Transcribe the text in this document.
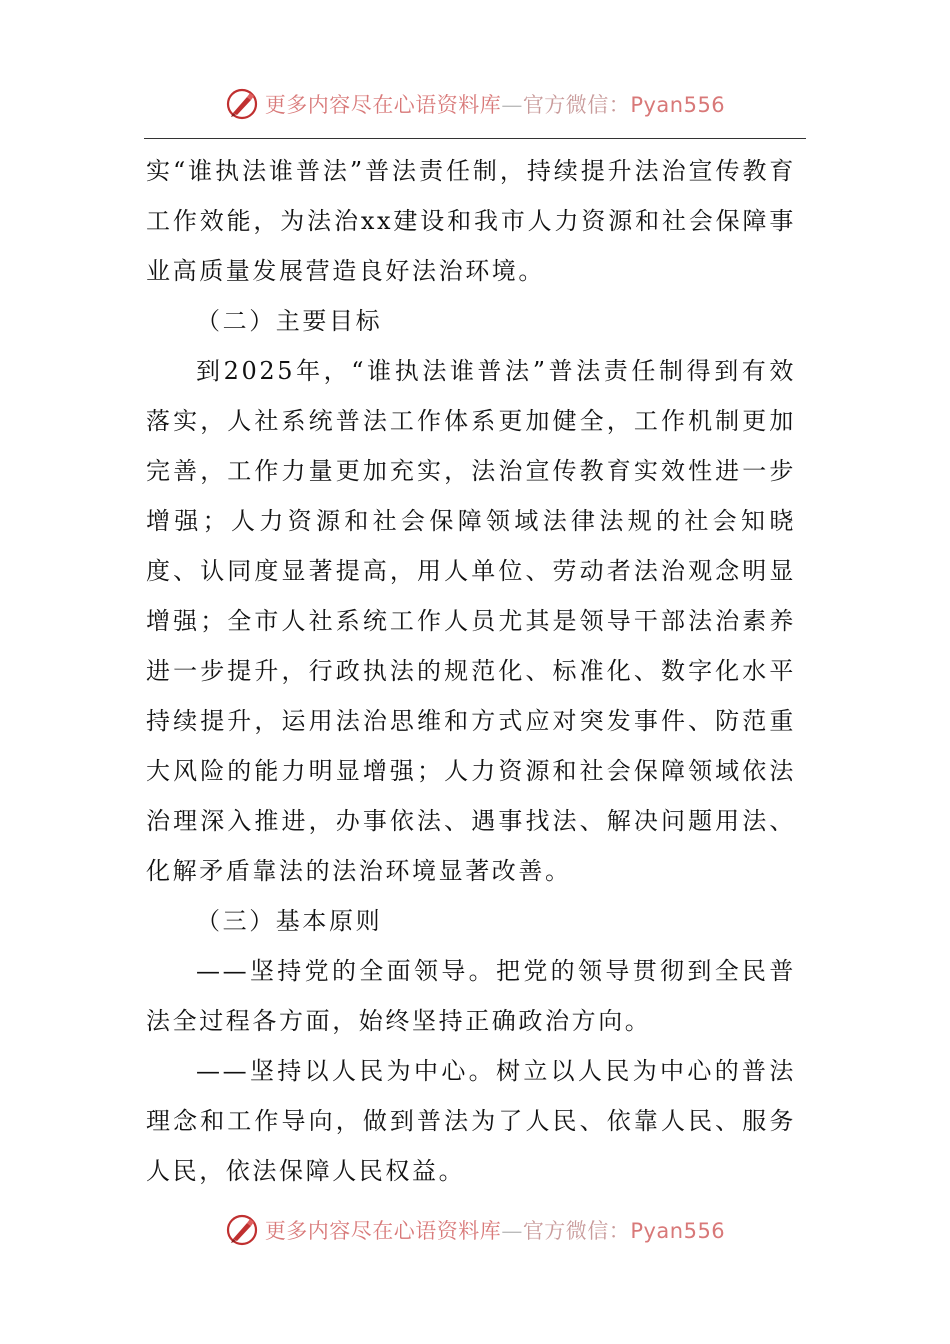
更多内容尽在心语资料库—官方微信：Pyan556

实“谁执法谁普法”普法责任制，持续提升法治宣传教育工作效能，为法治xx建设和我市人力资源和社会保障事业高质量发展营造良好法治环境。

（二）主要目标

到2025年，“谁执法谁普法”普法责任制得到有效落实，人社系统普法工作体系更加健全，工作机制更加完善，工作力量更加充实，法治宣传教育实效性进一步增强；人力资源和社会保障领域法律法规的社会知晓度、认同度显著提高，用人单位、劳动者法治观念明显增强；全市人社系统工作人员尤其是领导干部法治素养进一步提升，行政执法的规范化、标准化、数字化水平持续提升，运用法治思维和方式应对突发事件、防范重大风险的能力明显增强；人力资源和社会保障领域依法治理深入推进，办事依法、遇事找法、解决问题用法、化解矛盾靠法的法治环境显著改善。

（三）基本原则

——坚持党的全面领导。把党的领导贯彻到全民普法全过程各方面，始终坚持正确政治方向。

——坚持以人民为中心。树立以人民为中心的普法理念和工作导向，做到普法为了人民、依靠人民、服务人民，依法保障人民权益。

更多内容尽在心语资料库—官方微信：Pyan556
